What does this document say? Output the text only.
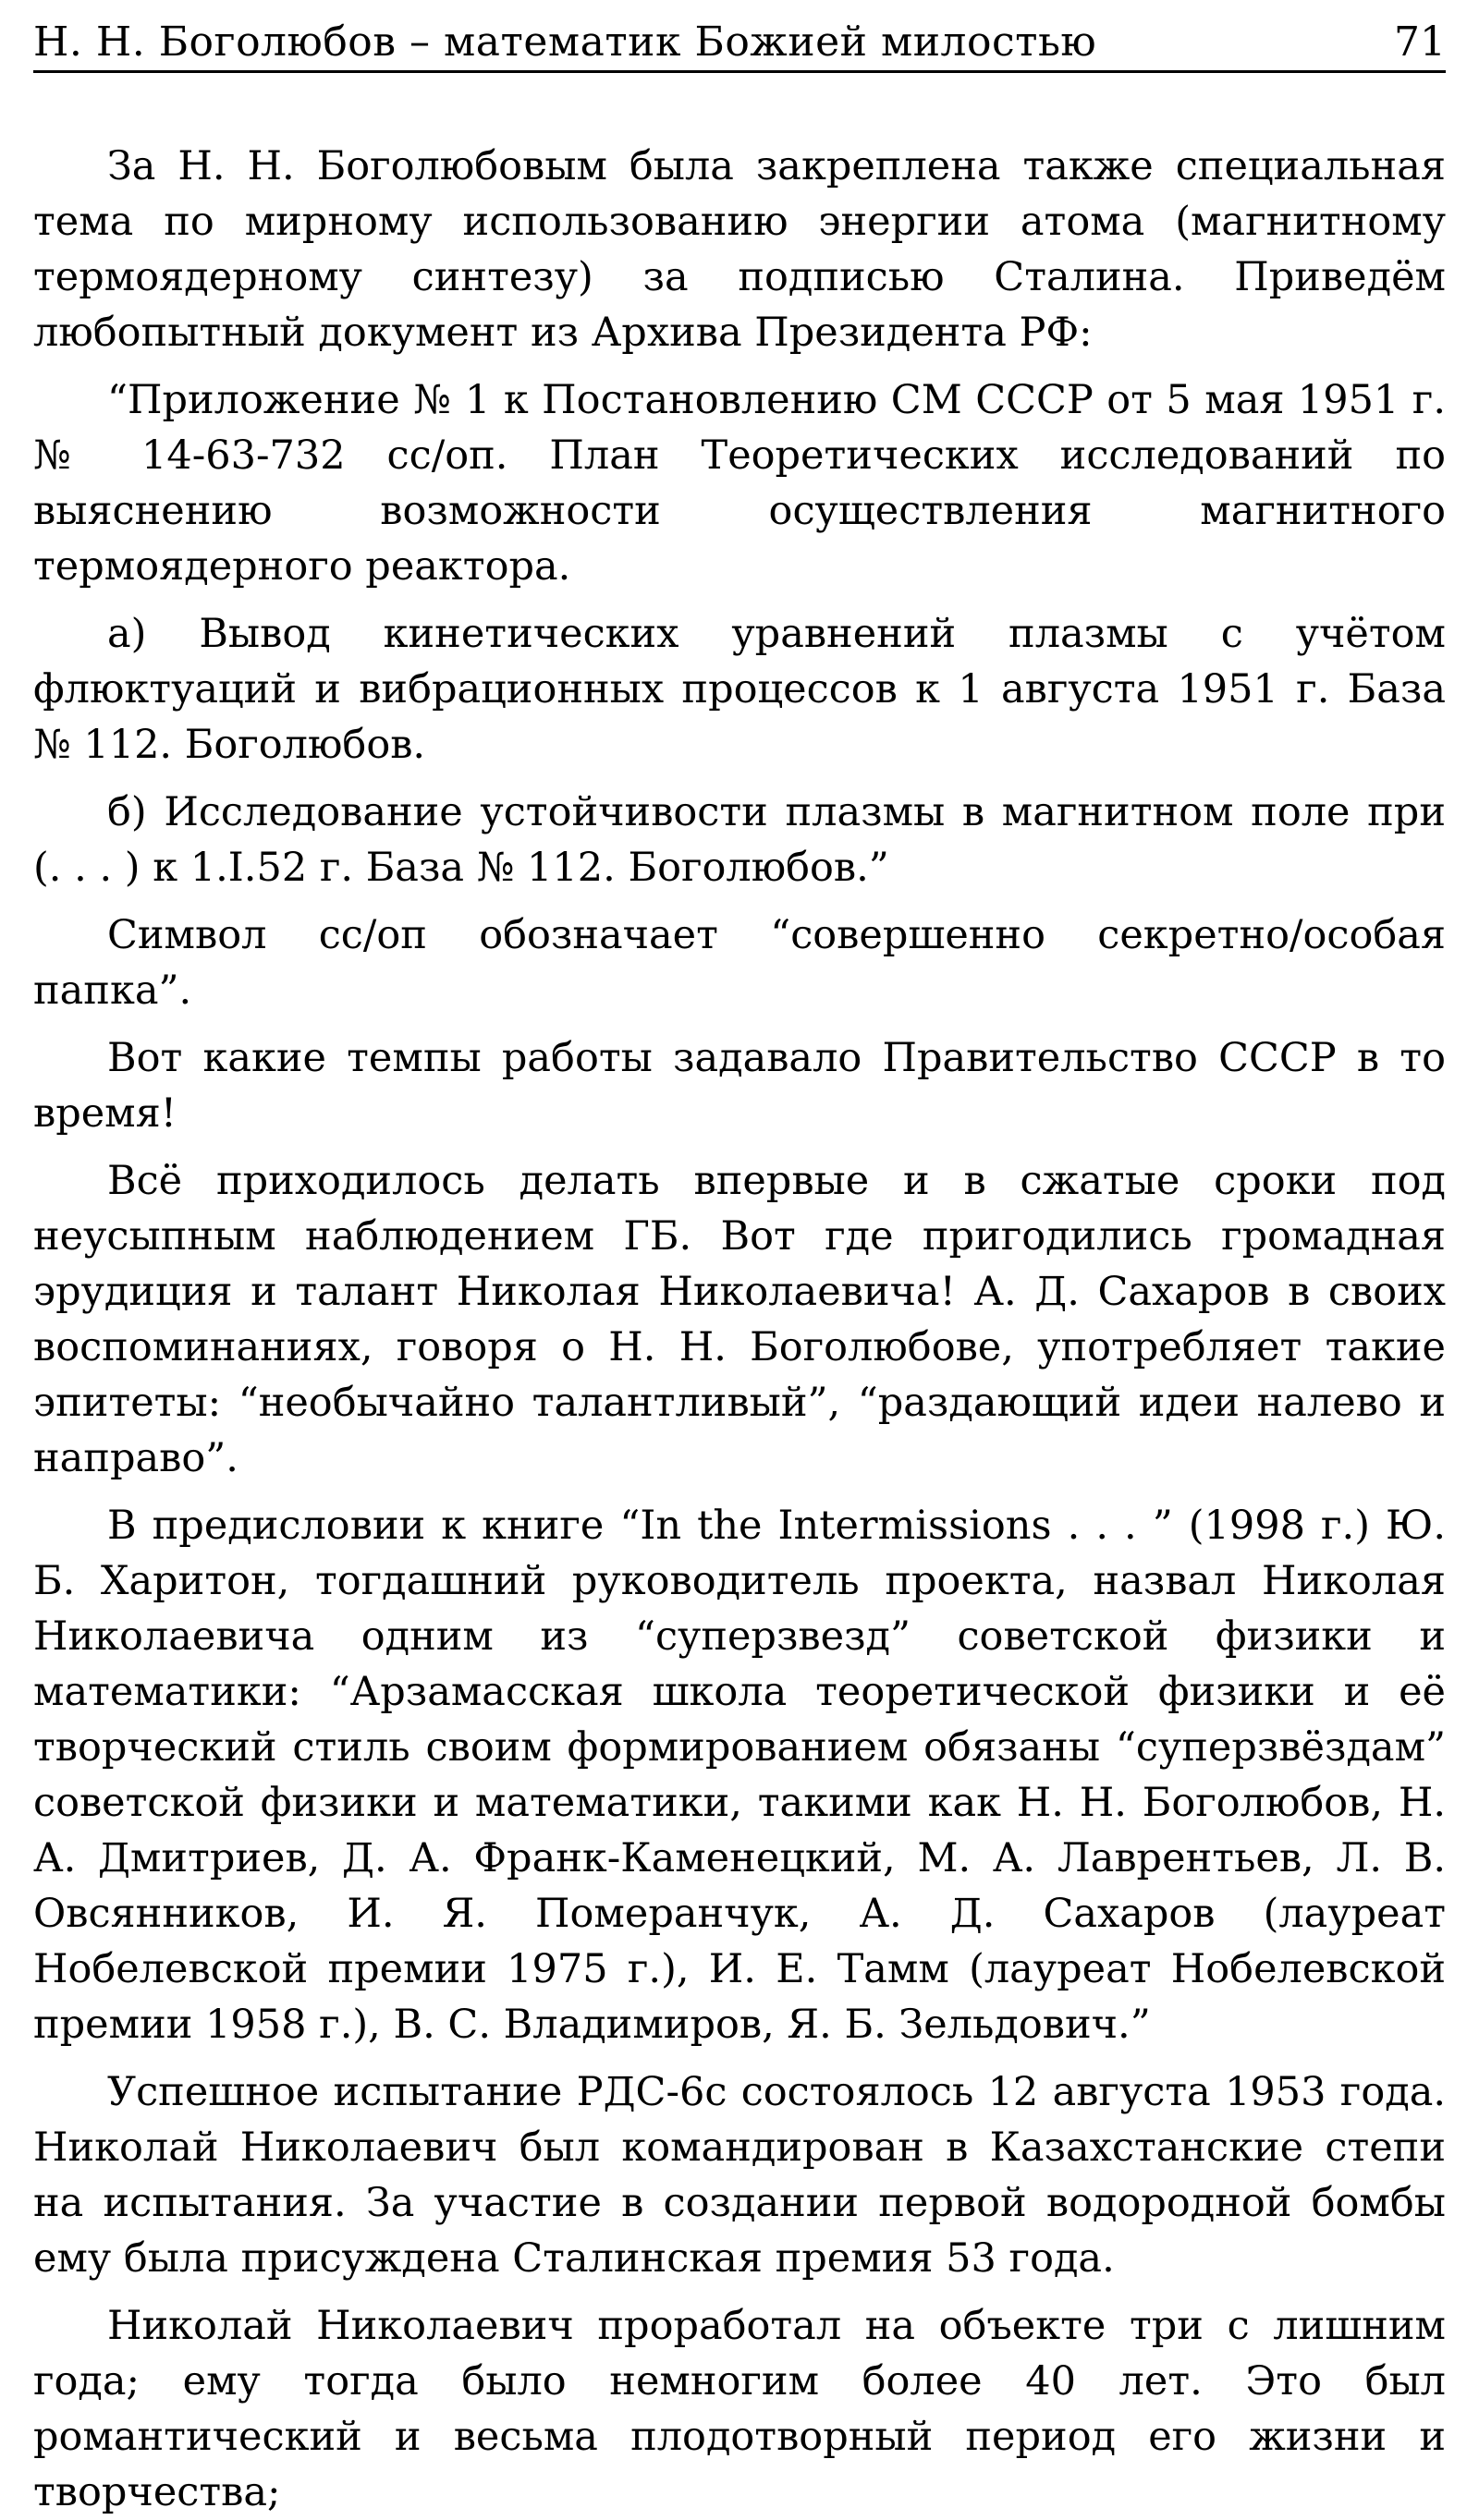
Н. Н. Боголюбов – математик Божией милостью	71

За Н. Н. Боголюбовым была закреплена также специальная тема по мирному использованию энергии атома (магнитному термоядерному синтезу) за подписью Сталина. Приведём любопытный документ из Архива Президента РФ:

“Приложение № 1 к Постановлению СМ СССР от 5 мая 1951 г. № 14-63-732 сс/оп. План Теоретических исследований по выяснению возможности осуществления магнитного термоядерного реактора.

а) Вывод кинетических уравнений плазмы с учётом флюктуаций и вибрационных процессов к 1 августа 1951 г. База № 112. Боголюбов.

б) Исследование устойчивости плазмы в магнитном поле при (. . . ) к 1.I.52 г. База № 112. Боголюбов.”

Символ сс/оп обозначает “совершенно секретно/особая папка”.

Вот какие темпы работы задавало Правительство СССР в то время!

Всё приходилось делать впервые и в сжатые сроки под неусыпным наблюдением ГБ. Вот где пригодились громадная эрудиция и талант Николая Николаевича! А. Д. Сахаров в своих воспоминаниях, говоря о Н. Н. Боголюбове, употребляет такие эпитеты: “необычайно талантливый”, “раздающий идеи налево и направо”.

В предисловии к книге “In the Intermissions . . . ” (1998 г.) Ю. Б. Харитон, тогдашний руководитель проекта, назвал Николая Николаевича одним из “суперзвезд” советской физики и математики: “Арзамасская школа теоретической физики и её творческий стиль своим формированием обязаны “суперзвёздам” советской физики и математики, такими как Н. Н. Боголюбов, Н. А. Дмитриев, Д. А. Франк-Каменецкий, М. А. Лаврентьев, Л. В. Овсянников, И. Я. Померанчук, А. Д. Сахаров (лауреат Нобелевской премии 1975 г.), И. Е. Тамм (лауреат Нобелевской премии 1958 г.), В. С. Владимиров, Я. Б. Зельдович.”

Успешное испытание РДС-6с состоялось 12 августа 1953 года. Николай Николаевич был командирован в Казахстанские степи на испытания. За участие в создании первой водородной бомбы ему была присуждена Сталинская премия 53 года.

Николай Николаевич проработал на объекте три с лишним года; ему тогда было немногим более 40 лет. Это был романтический и весьма плодотворный период его жизни и творчества;
